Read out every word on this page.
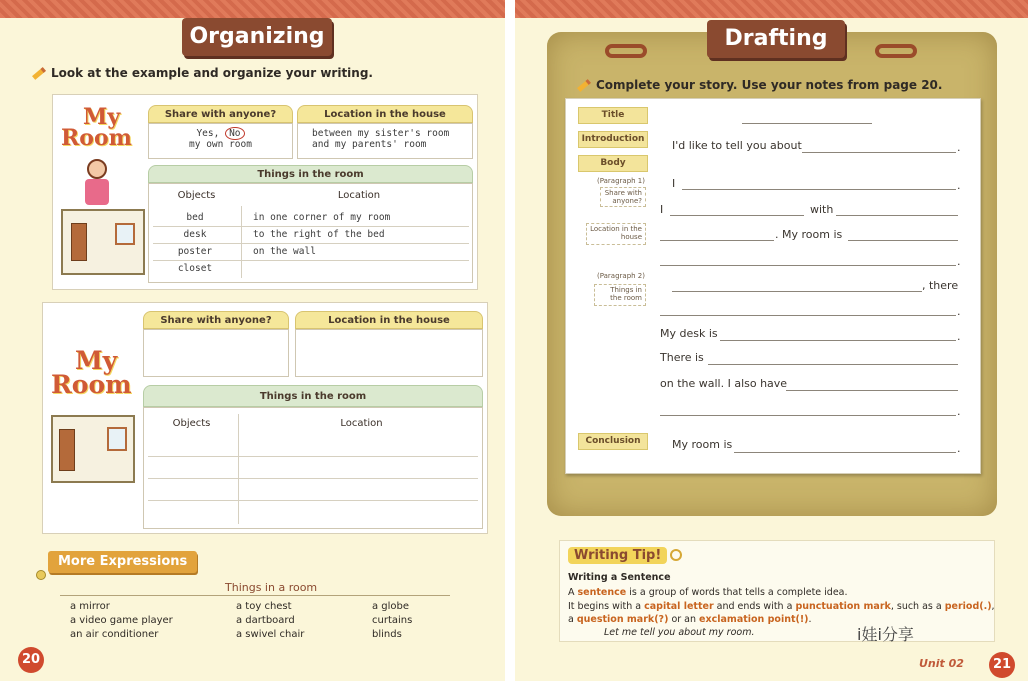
Organizing
Look at the example and organize your writing.
My
Room
Share with anyone?
Yes, No
my own room
Location in the house
between my sister's room
and my parents' room
Things in the room
Objects	Location
bed	in one corner of my room
desk	to the right of the bed
poster	on the wall
closet
My
Room
Share with anyone?	Location in the house
Things in the room
Objects	Location
More Expressions
Things in a room
a mirror	a toy chest	a globe
a video game player	a dartboard	curtains
an air conditioner	a swivel chair	blinds
20
Drafting
Complete your story. Use your notes from page 20.
Title
Introduction
Body
(Paragraph 1)
Share with anyone?
Location in the house
(Paragraph 2)
Things in the room
Conclusion
I'd like to tell you about	.
I	.
I	with
. My room is
.
, there
.
My desk is	.
There is
on the wall. I also have
.
My room is	.
Writing Tip!
Writing a Sentence
A sentence is a group of words that tells a complete idea.
It begins with a capital letter and ends with a punctuation mark, such as a period(.),
a question mark(?) or an exclamation point(!).
Let me tell you about my room.	i娃i分享
Unit 02	21
